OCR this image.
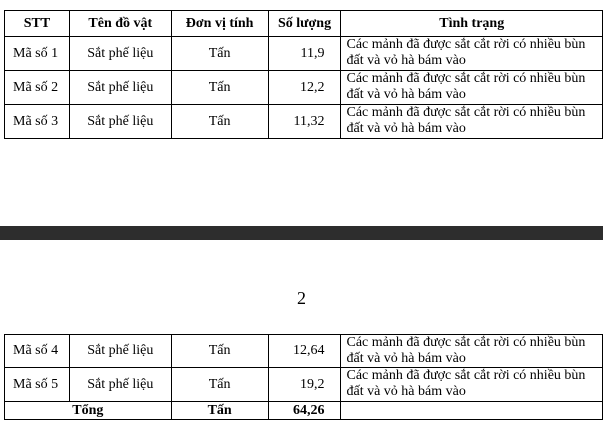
STT	Tên đồ vật	Đơn vị tính	Số lượng	Tình trạng
Mã số 1	Sắt phế liệu	Tấn	11,9	Các mảnh đã được sắt cắt rời có nhiều bùn đất và vỏ hà bám vào
Mã số 2	Sắt phế liệu	Tấn	12,2	Các mảnh đã được sắt cắt rời có nhiều bùn đất và vỏ hà bám vào
Mã số 3	Sắt phế liệu	Tấn	11,32	Các mảnh đã được sắt cắt rời có nhiều bùn đất và vỏ hà bám vào
2
Mã số 4	Sắt phế liệu	Tấn	12,64	Các mảnh đã được sắt cắt rời có nhiều bùn đất và vỏ hà bám vào
Mã số 5	Sắt phế liệu	Tấn	19,2	Các mảnh đã được sắt cắt rời có nhiều bùn đất và vỏ hà bám vào
Tổng		Tấn	64,26	
